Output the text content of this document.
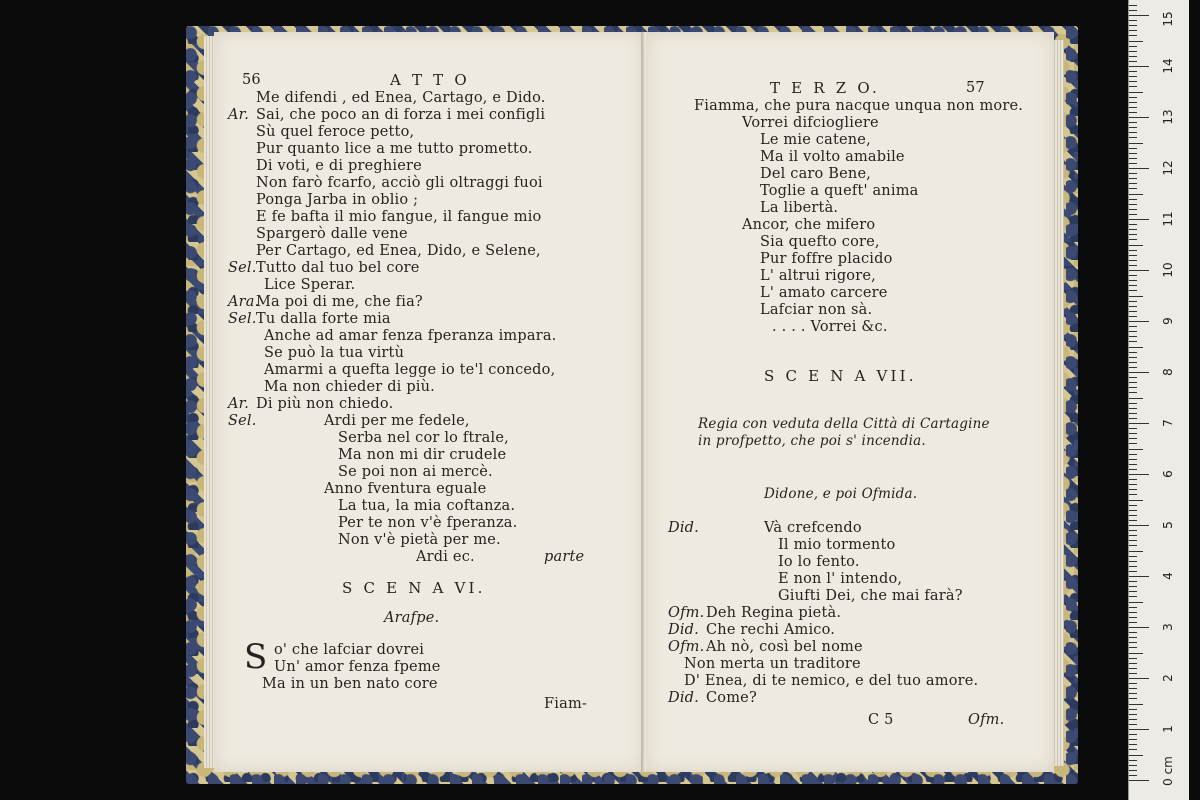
56	A T T O
Me difendi , ed Enea, Cartago, e Dido.
Ar. Sai, che poco an di forza i mei configli
Sù quel feroce petto,
Pur quanto lice a me tutto prometto.
Di voti, e di preghiere
Non farò fcarfo, acciò gli oltraggi fuoi
Ponga Jarba in oblio ;
E fe bafta il mio fangue, il fangue mio
Spargerò dalle vene
Per Cartago, ed Enea, Dido, e Selene,
Sel. Tutto dal tuo bel core
Lice Sperar.
Ara.
Ma poi di me, che fia?
Sel. Tu dalla forte mia
Anche ad amar fenza fperanza impara.
Se può la tua virtù
Amarmi a quefta legge io te'l concedo,
Ma non chieder di più.
Ar. Di più non chiedo.
Sel.	Ardi per me fedele,
Serba nel cor lo ftrale,
Ma non mi dir crudele
Se poi non ai mercè.
Anno fventura eguale
La tua, la mia coftanza.
Per te non v'è fperanza.
Non v'è pietà per me.
Ardi ec.	parte
S C E N A VI.
Arafpe.
S o' che lafciar dovrei
Un' amor fenza fpeme
Ma in un ben nato core
Fiam-
T E R Z O.	57
Fiamma, che pura nacque unqua non more.
Vorrei difciogliere
Le mie catene,
Ma il volto amabile
Del caro Bene,
Toglie a queft' anima
La libertà.
Ancor, che mifero
Sia quefto core,
Pur foffre placido
L' altrui rigore,
L' amato carcere
Lafciar non sà.
. . . . Vorrei &c.
S C E N A VII.
Regia con veduta della Città di Cartagine
in profpetto, che poi s' incendia.
Didone, e poi Ofmida.
Did.	Và crefcendo
Il mio tormento
Io lo fento.
E non l' intendo,
Giufti Dei, che mai farà?
Ofm. Deh Regina pietà.
Did. Che rechi Amico.
Ofm. Ah nò, così bel nome
Non merta un traditore
D' Enea, di te nemico, e del tuo amore.
Did. Come?
C 5	Ofm.
0 cm
1
2
3
4
5
6
7
8
9
10
11
12
13
14
15
